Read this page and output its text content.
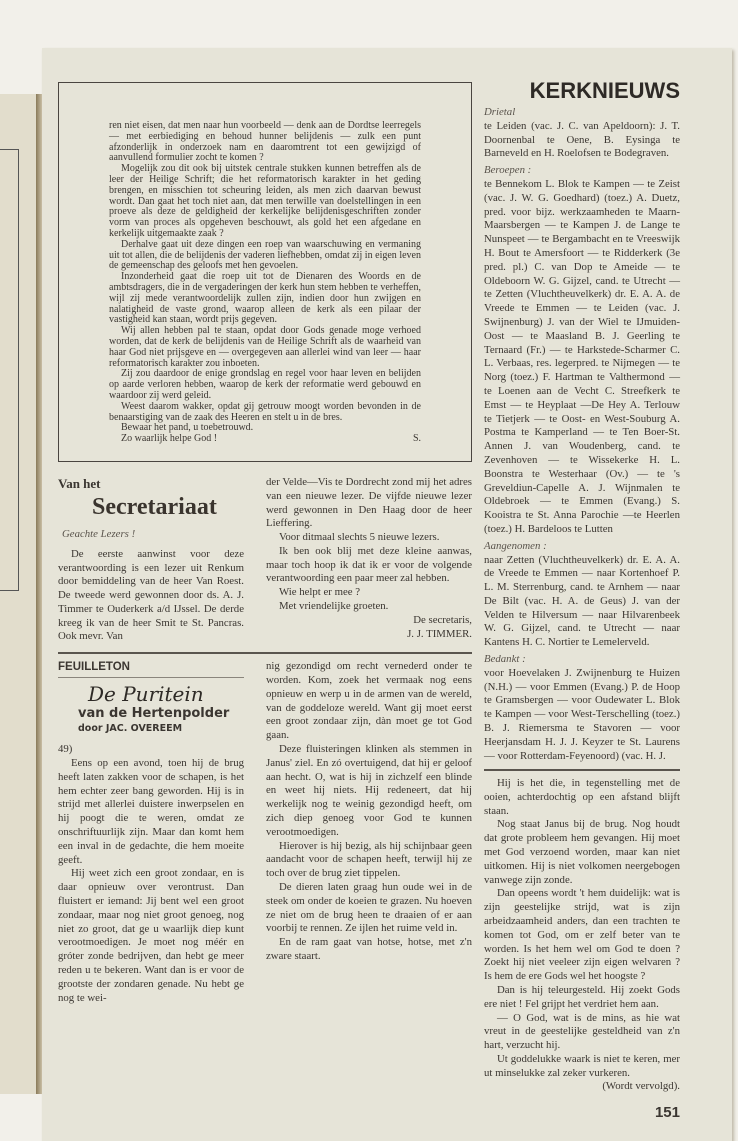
ren niet eisen, dat men naar hun voorbeeld — denk aan de Dordtse leerregels — met eerbiediging en behoud hunner belijdenis — zulk een punt afzonderlijk in onderzoek nam en daaromtrent tot een gewijzigd of aanvullend formulier zocht te komen ?

Mogelijk zou dit ook bij uitstek centrale stukken kunnen betreffen als de leer der Heilige Schrift; die het reformatorisch karakter in het geding brengen, en misschien tot scheuring leiden, als men zich daarvan bewust wordt. Dan gaat het toch niet aan, dat men terwille van doelstellingen in een proeve als deze de geldigheid der kerkelijke belijdenisgeschriften zonder vorm van proces als opgeheven beschouwt, als gold het een afgedane en kerkelijk uitgemaakte zaak ?

Derhalve gaat uit deze dingen een roep van waarschuwing en vermaning uit tot allen, die de belijdenis der vaderen liefhebben, omdat zij in eigen leven de gemeenschap des geloofs met hen gevoelen.

Inzonderheid gaat die roep uit tot de Dienaren des Woords en de ambtsdragers, die in de vergaderingen der kerk hun stem hebben te verheffen, wijl zij mede verantwoordelijk zullen zijn, indien door hun zwijgen en nalatigheid de vaste grond, waarop alleen de kerk als een pilaar der vastigheid kan staan, wordt prijs gegeven.

Wij allen hebben pal te staan, opdat door Gods genade moge verhoed worden, dat de kerk de belijdenis van de Heilige Schrift als de waarheid van haar God niet prijsgeve en — overgegeven aan allerlei wind van leer — haar reformatorisch karakter zou inboeten.

Zij zou daardoor de enige grondslag en regel voor haar leven en belijden op aarde verloren hebben, waarop de kerk der reformatie werd gebouwd en waardoor zij werd geleid.

Weest daarom wakker, opdat gij getrouw moogt worden bevonden in de benaarstiging van de zaak des Heeren en stelt u in de bres.

Bewaar het pand, u toebetrouwd.

Zo waarlijk helpe God !	S.
Van het
Secretariaat
Geachte Lezers !

De eerste aanwinst voor deze verantwoording is een lezer uit Renkum door bemiddeling van de heer Van Roest. De tweede werd gewonnen door ds. A. J. Timmer te Ouderkerk a/d IJssel. De derde kreeg ik van de heer Smit te St. Pancras. Ook mevr. Van

der Velde—Vis te Dordrecht zond mij het adres van een nieuwe lezer. De vijfde nieuwe lezer werd gewonnen in Den Haag door de heer Lieffering.

Voor ditmaal slechts 5 nieuwe lezers.

Ik ben ook blij met deze kleine aanwas, maar toch hoop ik dat ik er voor de volgende verantwoording een paar meer zal hebben.

Wie helpt er mee ?

Met vriendelijke groeten.

De secretaris,
J. J. TIMMER.
FEUILLETON
De Puritein
van de Hertenpolder
door JAC. OVEREEM
49)

Eens op een avond, toen hij de brug heeft laten zakken voor de schapen, is het hem echter zeer bang geworden. Hij is in strijd met allerlei duistere inwerpselen en hij poogt die te weren, omdat ze onschriftuurlijk zijn. Maar dan komt hem een inval in de gedachte, die hem moeite geeft.

Hij weet zich een groot zondaar, en is daar opnieuw over verontrust. Dan fluistert er iemand: Jij bent wel een groot zondaar, maar nog niet groot genoeg, nog niet zo groot, dat ge u waarlijk diep kunt verootmoedigen. Je moet nog méér en gróter zonde bedrijven, dan hebt ge meer reden u te bekeren. Want dan is er voor de grootste der zondaren genade. Nu hebt ge nog te wei-

nig gezondigd om recht vernederd onder te worden. Kom, zoek het vermaak nog eens opnieuw en werp u in de armen van de wereld, van de goddeloze wereld. Want gij moet eerst een groot zondaar zijn, dàn moet ge tot God gaan.

Deze fluisteringen klinken als stemmen in Janus' ziel. En zó overtuigend, dat hij er geloof aan hecht. O, wat is hij in zichzelf een blinde en weet hij niets. Hij redeneert, dat hij werkelijk nog te weinig gezondigd heeft, om zich diep genoeg voor God te kunnen verootmoedigen.

Hierover is hij bezig, als hij schijnbaar geen aandacht voor de schapen heeft, terwijl hij ze toch over de brug ziet tippelen.

De dieren laten graag hun oude wei in de steek om onder de koeien te grazen. Nu hoeven ze niet om de brug heen te draaien of er aan voorbij te rennen. Ze ijlen het ruime veld in.

En de ram gaat van hotse, hotse, met z'n zware staart.

KERKNIEUWS
Drietal

te Leiden (vac. J. C. van Apeldoorn): J. T. Doornenbal te Oene, B. Eysinga te Barneveld en H. Roelofsen te Bodegraven.

Beroepen :

te Bennekom L. Blok te Kampen — te Zeist (vac. J. W. G. Goedhard) (toez.) A. Duetz, pred. voor bijz. werkzaamheden te Maarn-Maarsbergen — te Kampen J. de Lange te Nunspeet — te Bergambacht en te Vreeswijk H. Bout te Amersfoort — te Ridderkerk (3e pred. pl.) C. van Dop te Ameide — te Oldeboorn W. G. Gijzel, cand. te Utrecht — te Zetten (Vluchtheuvelkerk) dr. E. A. A. de Vreede te Emmen — te Leiden (vac. J. Swijnenburg) J. van der Wiel te IJmuiden-Oost — te Maasland B. J. Geerling te Ternaard (Fr.) — te Harkstede-Scharmer C. L. Verbaas, res. legerpred. te Nijmegen — te Norg (toez.) F. Hartman te Valthermond — te Loenen aan de Vecht C. Streefkerk te Emst — te Heyplaat —De Hey A. Terlouw te Tietjerk — te Oost- en West-Souburg A. Postma te Kamperland — te Ten Boer-St. Annen J. van Woudenberg, cand. te Zevenhoven — te Wissekerke H. L. Boonstra te Westerhaar (Ov.) — te 's Greveldiun-Capelle A. J. Wijnmalen te Oldebroek — te Emmen (Evang.) S. Kooistra te St. Anna Parochie —te Heerlen (toez.) H. Bardeloos te Lutten

Aangenomen :

naar Zetten (Vluchtheuvelkerk) dr. E. A. A. de Vreede te Emmen — naar Kortenhoef P. L. M. Sterrenburg, cand. te Arnhem — naar De Bilt (vac. H. A. de Geus) J. van der Velden te Hilversum — naar Hilvarenbeek W. G. Gijzel, cand. te Utrecht — naar Kantens H. C. Nortier te Lemelerveld.

Bedankt :

voor Hoevelaken J. Zwijnenburg te Huizen (N.H.) — voor Emmen (Evang.) P. de Hoop te Gramsbergen — voor Oudewater L. Blok te Kampen — voor West-Terschelling (toez.) B. J. Riemersma te Stavoren — voor Heerjansdam H. J. J. Keyzer te St. Laurens — voor Rotterdam-Feyenoord) (vac. H. J.

Hij is het die, in tegenstelling met de ooien, achterdochtig op een afstand blijft staan.

Nog staat Janus bij de brug. Nog houdt dat grote probleem hem gevangen. Hij moet met God verzoend worden, maar kan niet uitkomen. Hij is niet volkomen neergebogen vanwege zijn zonde.

Dan opeens wordt 't hem duidelijk: wat is zijn geestelijke strijd, wat is zijn arbeidzaamheid anders, dan een trachten te komen tot God, om er zelf beter van te worden. Is het hem wel om God te doen ? Zoekt hij niet veeleer zijn eigen welvaren ? Is hem de ere Gods wel het hoogste ?

Dan is hij teleurgesteld. Hij zoekt Gods ere niet ! Fel grijpt het verdriet hem aan.

— O God, wat is de mins, as hie wat vreut in de geestelijke gesteldheid van z'n hart, verzucht hij.

Ut goddelukke waark is niet te keren, mer ut minselukke zal zeker vurkeren.

(Wordt vervolgd).
151
